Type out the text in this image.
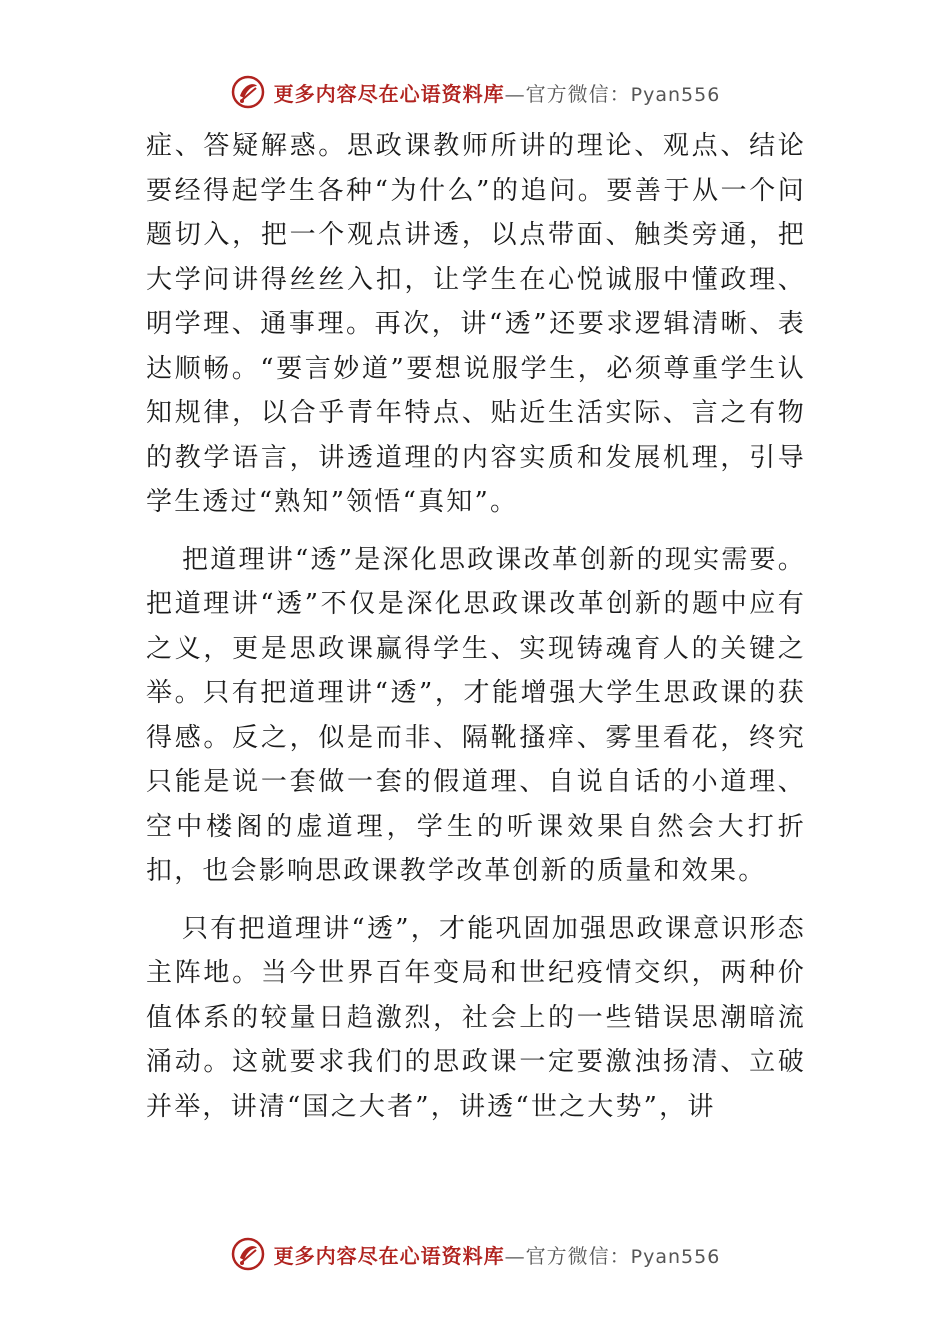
更多内容尽在心语资料库—官方微信：Pyan556

症、答疑解惑。思政课教师所讲的理论、观点、结论要经得起学生各种“为什么”的追问。要善于从一个问题切入，把一个观点讲透，以点带面、触类旁通，把大学问讲得丝丝入扣，让学生在心悦诚服中懂政理、明学理、通事理。再次，讲“透”还要求逻辑清晰、表达顺畅。“要言妙道”要想说服学生，必须尊重学生认知规律，以合乎青年特点、贴近生活实际、言之有物的教学语言，讲透道理的内容实质和发展机理，引导学生透过“熟知”领悟“真知”。

把道理讲“透”是深化思政课改革创新的现实需要。把道理讲“透”不仅是深化思政课改革创新的题中应有之义，更是思政课赢得学生、实现铸魂育人的关键之举。只有把道理讲“透”，才能增强大学生思政课的获得感。反之，似是而非、隔靴搔痒、雾里看花，终究只能是说一套做一套的假道理、自说自话的小道理、空中楼阁的虚道理，学生的听课效果自然会大打折扣，也会影响思政课教学改革创新的质量和效果。

只有把道理讲“透”，才能巩固加强思政课意识形态主阵地。当今世界百年变局和世纪疫情交织，两种价值体系的较量日趋激烈，社会上的一些错误思潮暗流涌动。这就要求我们的思政课一定要激浊扬清、立破并举，讲清“国之大者”，讲透“世之大势”，讲

更多内容尽在心语资料库—官方微信：Pyan556
